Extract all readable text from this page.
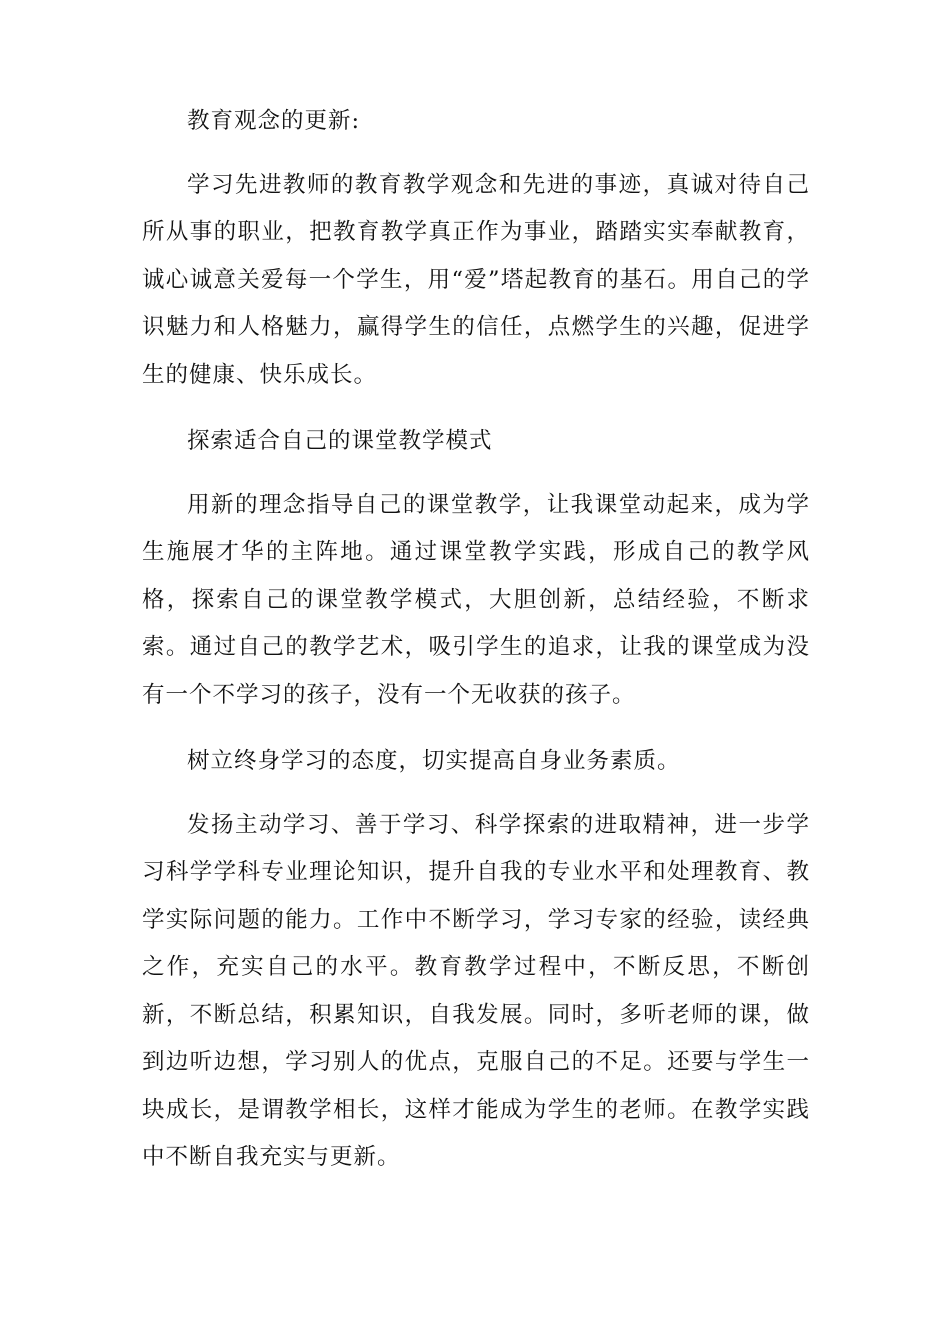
教育观念的更新:

学习先进教师的教育教学观念和先进的事迹，真诚对待自己所从事的职业，把教育教学真正作为事业，踏踏实实奉献教育，诚心诚意关爱每一个学生，用“爱”塔起教育的基石。用自己的学识魅力和人格魅力，赢得学生的信任，点燃学生的兴趣，促进学生的健康、快乐成长。

探索适合自己的课堂教学模式

用新的理念指导自己的课堂教学，让我课堂动起来，成为学生施展才华的主阵地。通过课堂教学实践，形成自己的教学风格，探索自己的课堂教学模式，大胆创新，总结经验，不断求索。通过自己的教学艺术，吸引学生的追求，让我的课堂成为没有一个不学习的孩子，没有一个无收获的孩子。

树立终身学习的态度，切实提高自身业务素质。

发扬主动学习、善于学习、科学探索的进取精神，进一步学习科学学科专业理论知识，提升自我的专业水平和处理教育、教学实际问题的能力。工作中不断学习，学习专家的经验，读经典之作，充实自己的水平。教育教学过程中，不断反思，不断创新，不断总结，积累知识，自我发展。同时，多听老师的课，做到边听边想，学习别人的优点，克服自己的不足。还要与学生一块成长，是谓教学相长，这样才能成为学生的老师。在教学实践中不断自我充实与更新。
